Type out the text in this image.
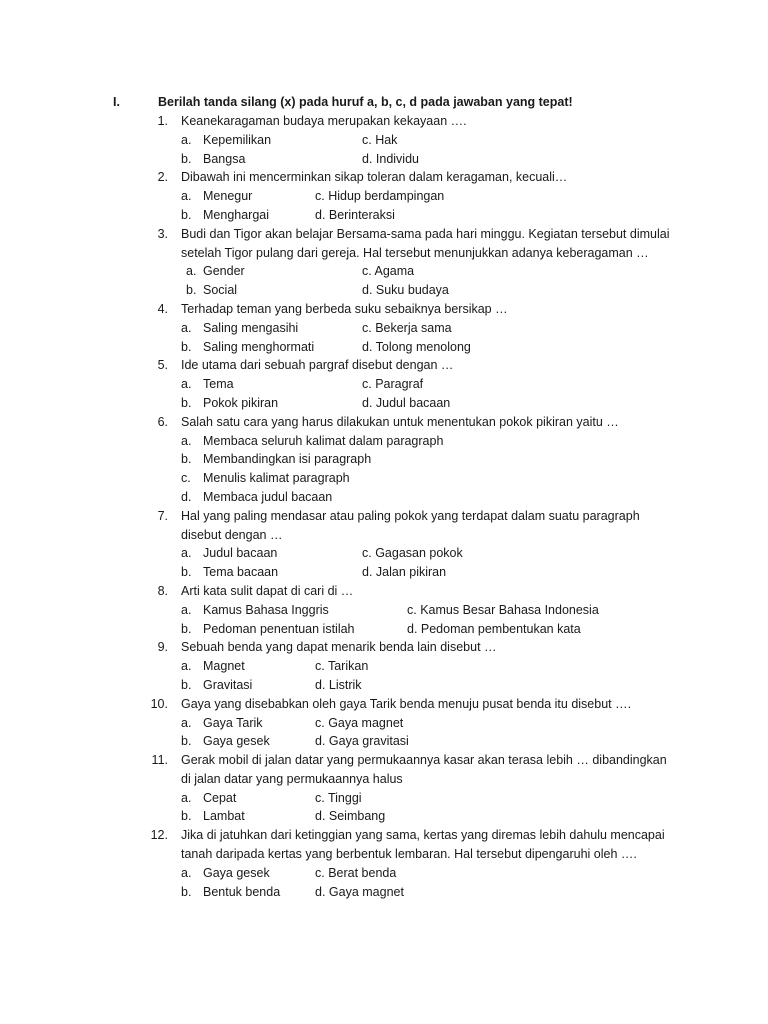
I.	Berilah tanda silang (x) pada huruf a, b, c, d pada jawaban yang tepat!
1. Keanekaragaman budaya merupakan kekayaan ….
a. Kepemilikan	c. Hak
b. Bangsa	d. Individu
2. Dibawah ini mencerminkan sikap toleran dalam keragaman, kecuali…
a. Menegur	c. Hidup berdampingan
b. Menghargai	d. Berinteraksi
3. Budi dan Tigor akan belajar Bersama-sama pada hari minggu. Kegiatan tersebut dimulai
setelah Tigor pulang dari gereja. Hal tersebut menunjukkan adanya keberagaman …
a. Gender	c. Agama
b. Social	d. Suku budaya
4. Terhadap teman yang berbeda suku sebaiknya bersikap …
a. Saling mengasihi	c. Bekerja sama
b. Saling menghormati	d. Tolong menolong
5. Ide utama dari sebuah pargraf disebut dengan …
a. Tema	c. Paragraf
b. Pokok pikiran	d. Judul bacaan
6. Salah satu cara yang harus dilakukan untuk menentukan pokok pikiran yaitu …
a. Membaca seluruh kalimat dalam paragraph
b. Membandingkan isi paragraph
c. Menulis kalimat paragraph
d. Membaca judul bacaan
7. Hal yang paling mendasar atau paling pokok yang terdapat dalam suatu paragraph
disebut dengan …
a. Judul bacaan	c. Gagasan pokok
b. Tema bacaan	d. Jalan pikiran
8. Arti kata sulit dapat di cari di …
a. Kamus Bahasa Inggris	c. Kamus Besar Bahasa Indonesia
b. Pedoman penentuan istilah	d. Pedoman pembentukan kata
9. Sebuah benda yang dapat menarik benda lain disebut …
a. Magnet	c. Tarikan
b. Gravitasi	d. Listrik
10. Gaya yang disebabkan oleh gaya Tarik benda menuju pusat benda itu disebut ….
a. Gaya Tarik	c. Gaya magnet
b. Gaya gesek	d. Gaya gravitasi
11. Gerak mobil di jalan datar yang permukaannya kasar akan terasa lebih … dibandingkan
di jalan datar yang permukaannya halus
a. Cepat	c. Tinggi
b. Lambat	d. Seimbang
12. Jika di jatuhkan dari ketinggian yang sama, kertas yang diremas lebih dahulu mencapai
tanah daripada kertas yang berbentuk lembaran. Hal tersebut dipengaruhi oleh ….
a. Gaya gesek	c. Berat benda
b. Bentuk benda	d. Gaya magnet
